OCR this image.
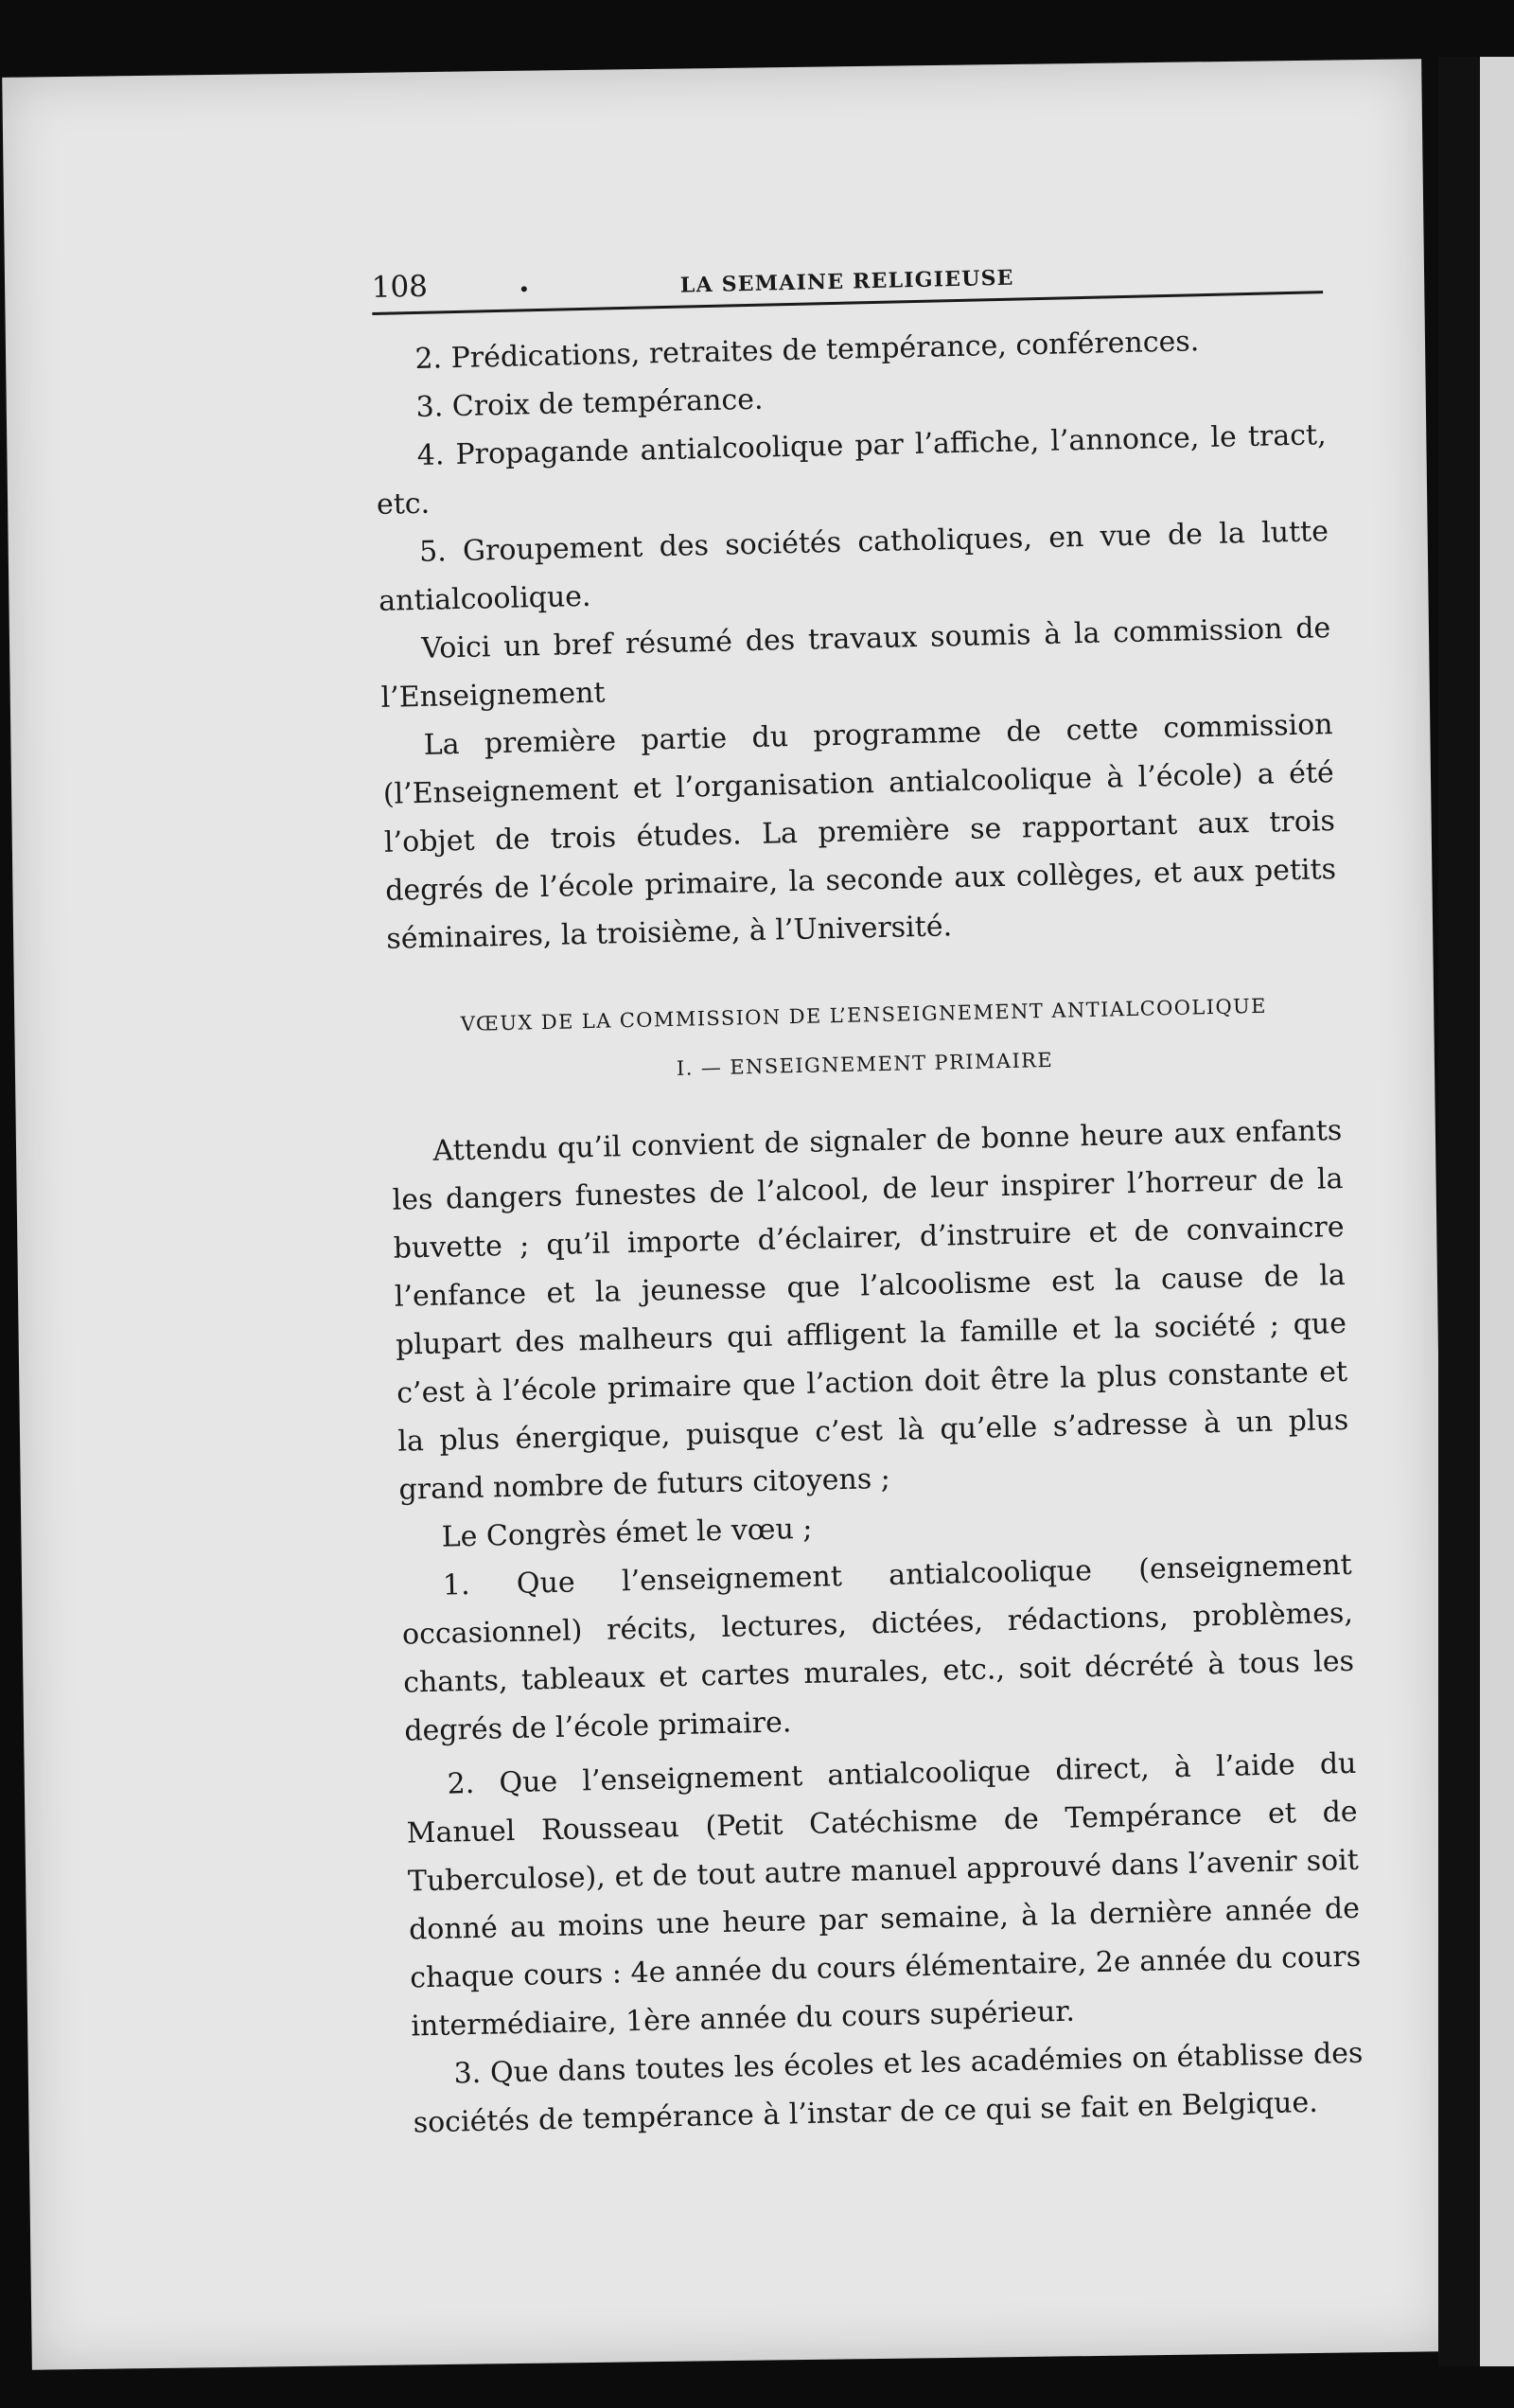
108	LA SEMAINE RELIGIEUSE

2. Prédications, retraites de tempérance, conférences.

3. Croix de tempérance.

4. Propagande antialcoolique par l’affiche, l’annonce, le tract, etc.

5. Groupement des sociétés catholiques, en vue de la lutte antialcoolique.

Voici un bref résumé des travaux soumis à la commission de l’Enseignement

La première partie du programme de cette commission (l’Enseignement et l’organisation antialcoolique à l’école) a été l’objet de trois études. La première se rapportant aux trois degrés de l’école primaire, la seconde aux collèges, et aux petits séminaires, la troisième, à l’Université.

VŒUX DE LA COMMISSION DE L’ENSEIGNEMENT ANTIALCOOLIQUE
I. — ENSEIGNEMENT PRIMAIRE

Attendu qu’il convient de signaler de bonne heure aux enfants les dangers funestes de l’alcool, de leur inspirer l’horreur de la buvette ; qu’il importe d’éclairer, d’instruire et de convaincre l’enfance et la jeunesse que l’alcoolisme est la cause de la plupart des malheurs qui affligent la famille et la société ; que c’est à l’école primaire que l’action doit être la plus constante et la plus énergique, puisque c’est là qu’elle s’adresse à un plus grand nombre de futurs citoyens ;

Le Congrès émet le vœu ;

1. Que l’enseignement antialcoolique (enseignement occasionnel) récits, lectures, dictées, rédactions, problèmes, chants, tableaux et cartes murales, etc., soit décrété à tous les degrés de l’école primaire.

2. Que l’enseignement antialcoolique direct, à l’aide du Manuel Rousseau (Petit Catéchisme de Tempérance et de Tuberculose), et de tout autre manuel approuvé dans l’avenir soit donné au moins une heure par semaine, à la dernière année de chaque cours : 4e année du cours élémentaire, 2e année du cours intermédiaire, 1ère année du cours supérieur.

3. Que dans toutes les écoles et les académies on établisse des sociétés de tempérance à l’instar de ce qui se fait en Belgique.
